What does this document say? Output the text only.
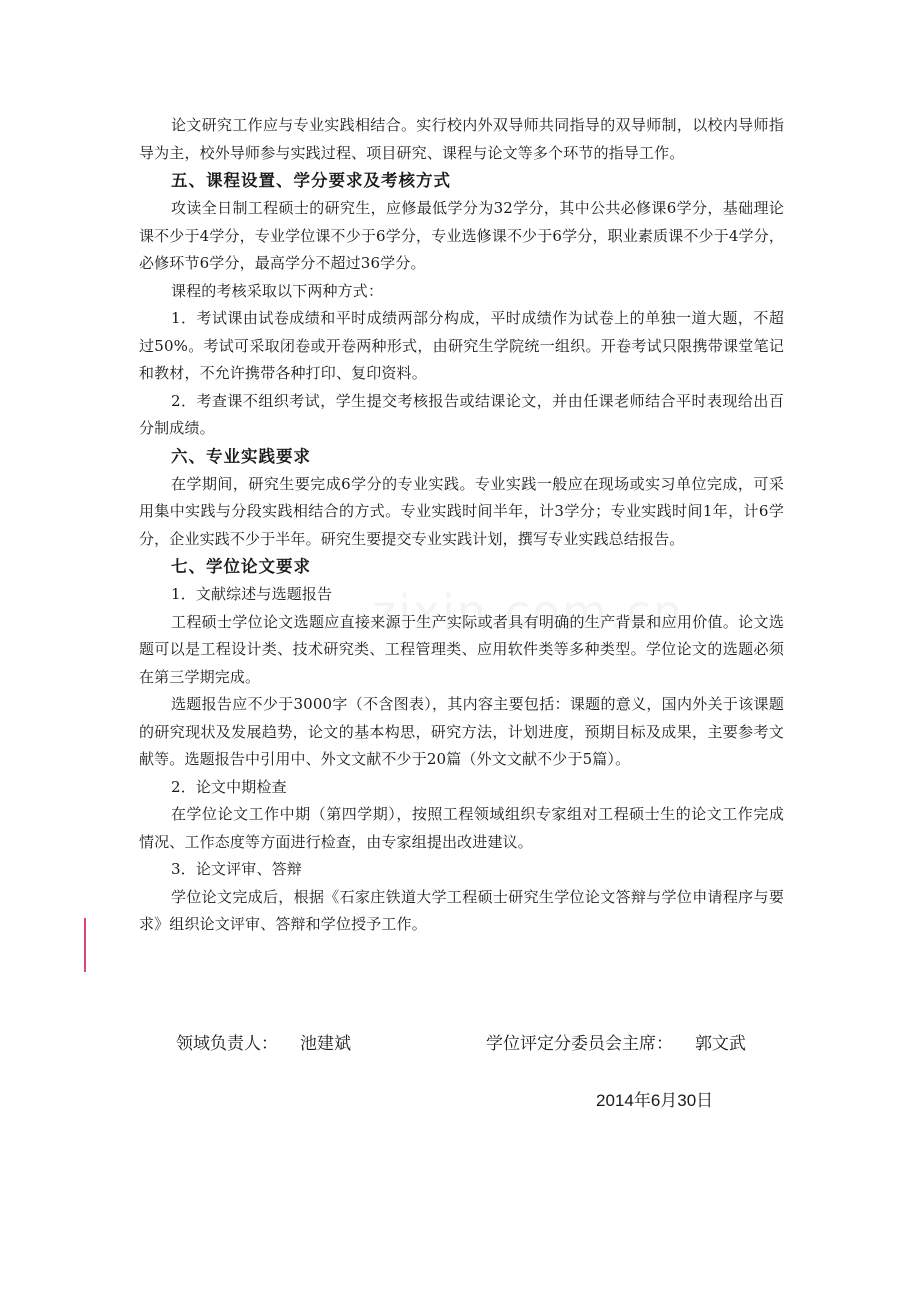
论文研究工作应与专业实践相结合。实行校内外双导师共同指导的双导师制，以校内导师指导为主，校外导师参与实践过程、项目研究、课程与论文等多个环节的指导工作。

五、课程设置、学分要求及考核方式

攻读全日制工程硕士的研究生，应修最低学分为32学分，其中公共必修课6学分，基础理论课不少于4学分，专业学位课不少于6学分，专业选修课不少于6学分，职业素质课不少于4学分，必修环节6学分，最高学分不超过36学分。

课程的考核采取以下两种方式：

1．考试课由试卷成绩和平时成绩两部分构成，平时成绩作为试卷上的单独一道大题，不超过50%。考试可采取闭卷或开卷两种形式，由研究生学院统一组织。开卷考试只限携带课堂笔记和教材，不允许携带各种打印、复印资料。

2．考查课不组织考试，学生提交考核报告或结课论文，并由任课老师结合平时表现给出百分制成绩。

六、专业实践要求

在学期间，研究生要完成6学分的专业实践。专业实践一般应在现场或实习单位完成，可采用集中实践与分段实践相结合的方式。专业实践时间半年，计3学分；专业实践时间1年，计6学分，企业实践不少于半年。研究生要提交专业实践计划，撰写专业实践总结报告。

七、学位论文要求

1．文献综述与选题报告

工程硕士学位论文选题应直接来源于生产实际或者具有明确的生产背景和应用价值。论文选题可以是工程设计类、技术研究类、工程管理类、应用软件类等多种类型。学位论文的选题必须在第三学期完成。

选题报告应不少于3000字（不含图表），其内容主要包括：课题的意义，国内外关于该课题的研究现状及发展趋势，论文的基本构思，研究方法，计划进度，预期目标及成果，主要参考文献等。选题报告中引用中、外文文献不少于20篇（外文文献不少于5篇）。

2．论文中期检查

在学位论文工作中期（第四学期），按照工程领域组织专家组对工程硕士生的论文工作完成情况、工作态度等方面进行检查，由专家组提出改进建议。

3．论文评审、答辩

学位论文完成后，根据《石家庄铁道大学工程硕士研究生学位论文答辩与学位申请程序与要求》组织论文评审、答辩和学位授予工作。

领域负责人： 池建斌	学位评定分委员会主席： 郭文武
2014年6月30日
